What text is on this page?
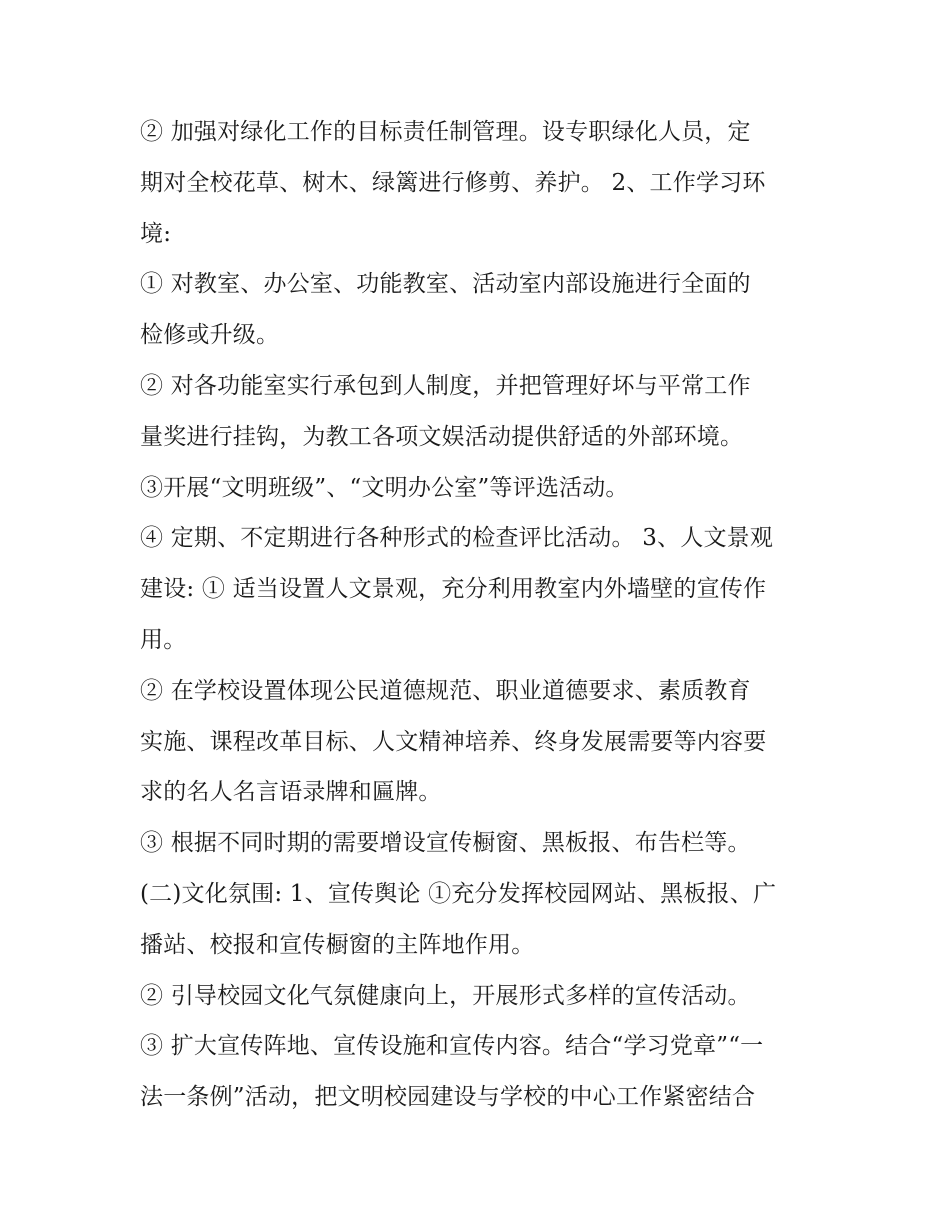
② 加强对绿化工作的目标责任制管理。设专职绿化人员，定
期对全校花草、树木、绿篱进行修剪、养护。 2、工作学习环
境:
① 对教室、办公室、功能教室、活动室内部设施进行全面的
检修或升级。
② 对各功能室实行承包到人制度，并把管理好坏与平常工作
量奖进行挂钩，为教工各项文娱活动提供舒适的外部环境。
③开展“文明班级”、“文明办公室”等评选活动。
④ 定期、不定期进行各种形式的检查评比活动。 3、人文景观
建设: ① 适当设置人文景观，充分利用教室内外墙壁的宣传作
用。
② 在学校设置体现公民道德规范、职业道德要求、素质教育
实施、课程改革目标、人文精神培养、终身发展需要等内容要
求的名人名言语录牌和匾牌。
③ 根据不同时期的需要增设宣传橱窗、黑板报、布告栏等。
(二)文化氛围: 1、宣传舆论 ①充分发挥校园网站、黑板报、广
播站、校报和宣传橱窗的主阵地作用。
② 引导校园文化气氛健康向上，开展形式多样的宣传活动。
③ 扩大宣传阵地、宣传设施和宣传内容。结合“学习党章”“一
法一条例”活动，把文明校园建设与学校的中心工作紧密结合
